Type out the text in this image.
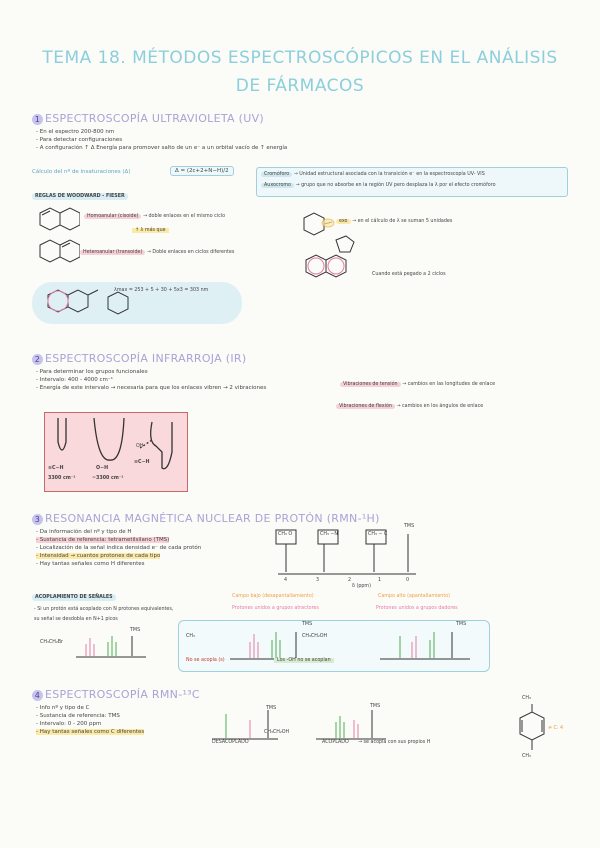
TEMA 18. MÉTODOS ESPECTROSCÓPICOS EN EL ANÁLISIS
DE FÁRMACOS
1 ESPECTROSCOPÍA ULTRAVIOLETA (UV)
- En el espectro 200-800 nm
- Para detectar configuraciones
- A configuración ↑ Δ Energía para promover salto de un e⁻ a un orbital vacío de ↑ energía
Cálculo del nº de insaturaciones (Δ)	Δ = (2c+2+N−H)/2
Cromóforo → Unidad estructural asociada con la transición e⁻ en la espectroscopía UV- VIS
Auxocromo → grupo que no absorbe en la región UV pero desplaza la λ por el efecto cromóforo
REGLAS DE WOODWARD - FIESER
Homoanular (cisoide) → doble enlaces en el mismo ciclo
↑ λ más que
Heteroanular (transoide) → Doble enlaces en ciclos diferentes
exo → en el cálculo de λ se suman 5 unidades
Cuando está pegado a 2 ciclos
λmax = 253 + 5 + 30 + 5x3 = 303 nm
2 ESPECTROSCOPÍA INFRARROJA (IR)
- Para determinar los grupos funcionales
- Intervalo: 400 - 4000 cm⁻¹
- Energía de este intervalo → necesaria para que los enlaces vibren → 2 vibraciones
Vibraciones de tensión → cambios en las longitudes de enlace
Vibraciones de flexión → cambios en los ángulos de enlace
OH
≡C−H	O−H
≡C−H
3300 cm⁻¹	~3300 cm⁻¹
3 RESONANCIA MAGNÉTICA NUCLEAR DE PROTÓN (RMN-¹H)
- Da información del nº y tipo de H
- Sustancia de referencia: tetrametilsilano (TMS)
- Localización de la señal indica densidad e⁻ de cada protón
- Intensidad → cuantos protones de cada tipo
- Hay tantas señales como H diferentes
CH₃ O	CH₃ −N	CH₃ − C
TMS
4	3	2	1	0
δ (ppm)
Campo bajo (desapantallamiento)
Protones unidos a grupos atractores
Campo alto (apantallamiento)
Protones unidos a grupos dadores
ACOPLAMIENTO DE SEÑALES
- Si un protón está acoplado con N protones equivalentes,
su señal se desdobla en N+1 picos
CH₃CH₂Br
TMS
CH₃	CH₃CH₂OH
No se acopla (s)	Los -OH no se acoplan
TMS	TMS
4 ESPECTROSCOPÍA RMN-¹³C
- Info nº y tipo de C
- Sustancia de referencia: TMS
- Intervalo: 0 - 200 ppm
- Hay tantas señales como C diferentes
TMS	TMS
DESACOPLADO
CH₃CH₂OH
ACOPLADO → se acopla con sus propios H
CH₃
≠ C: 4
CH₃
